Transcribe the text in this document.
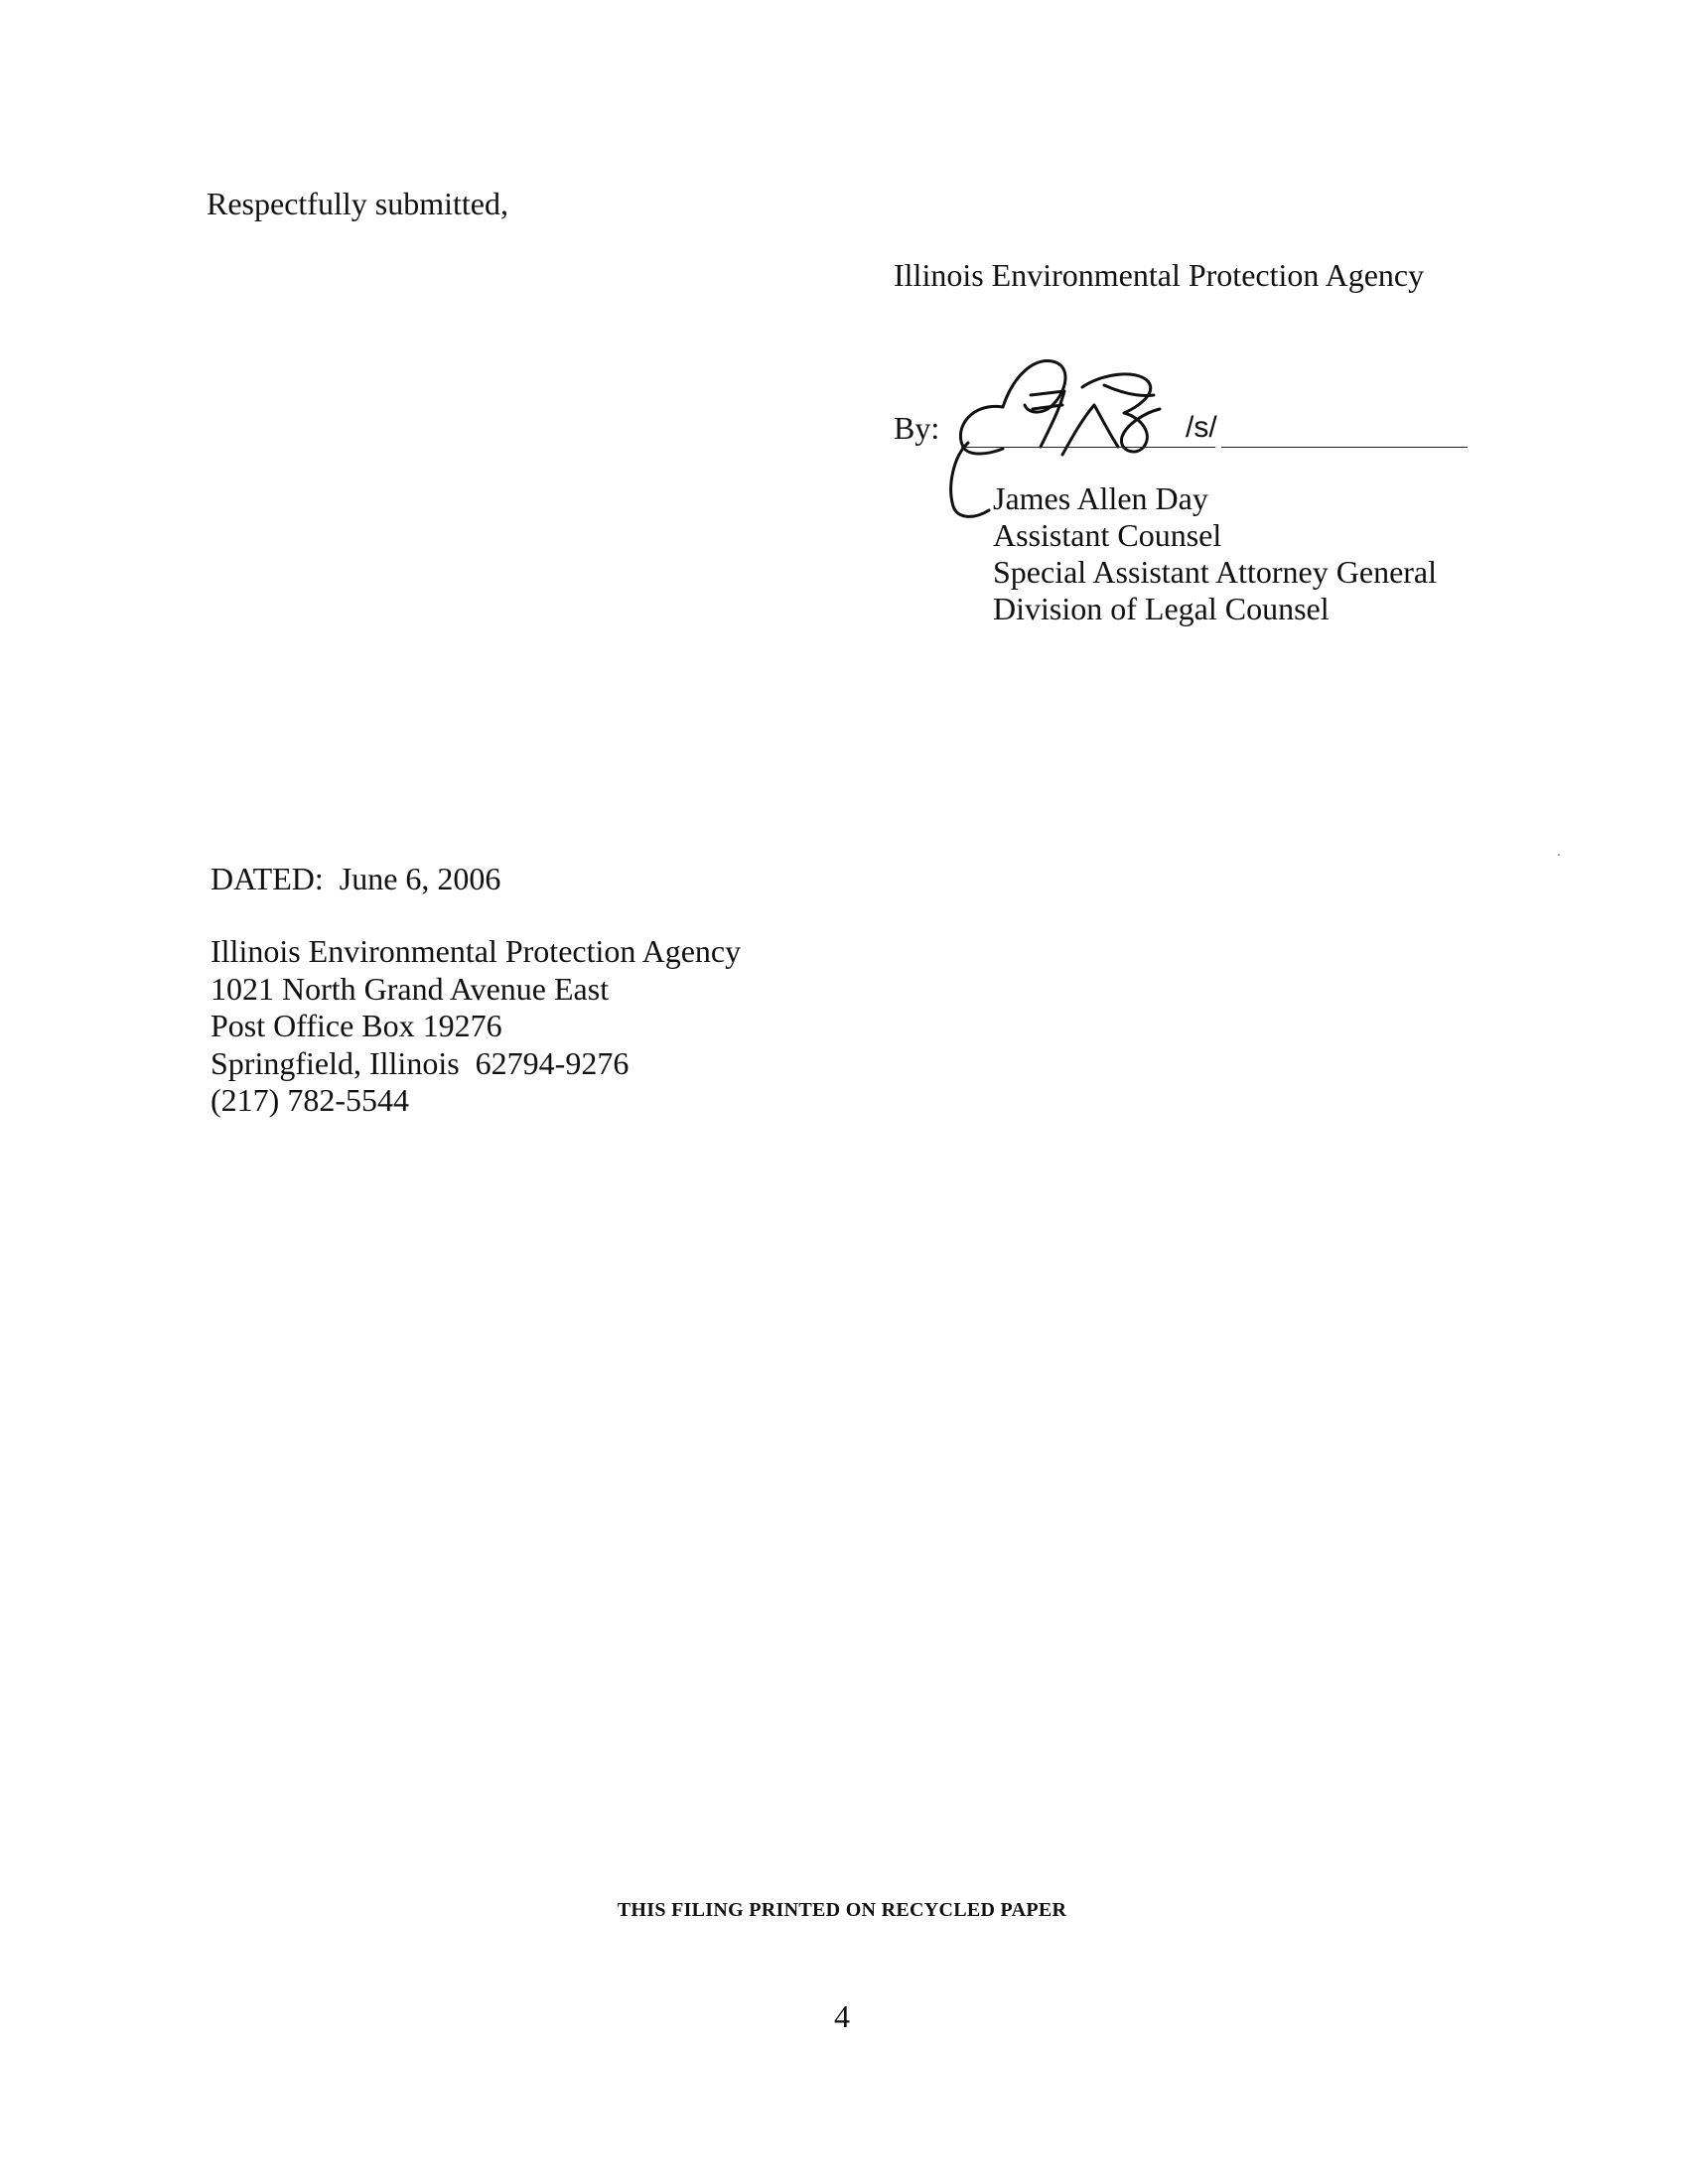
Respectfully submitted,

Illinois Environmental Protection Agency

By:	/s/
James Allen Day
Assistant Counsel
Special Assistant Attorney General
Division of Legal Counsel

DATED: June 6, 2006

Illinois Environmental Protection Agency
1021 North Grand Avenue East
Post Office Box 19276
Springfield, Illinois  62794-9276
(217) 782-5544
THIS FILING PRINTED ON RECYCLED PAPER
4
